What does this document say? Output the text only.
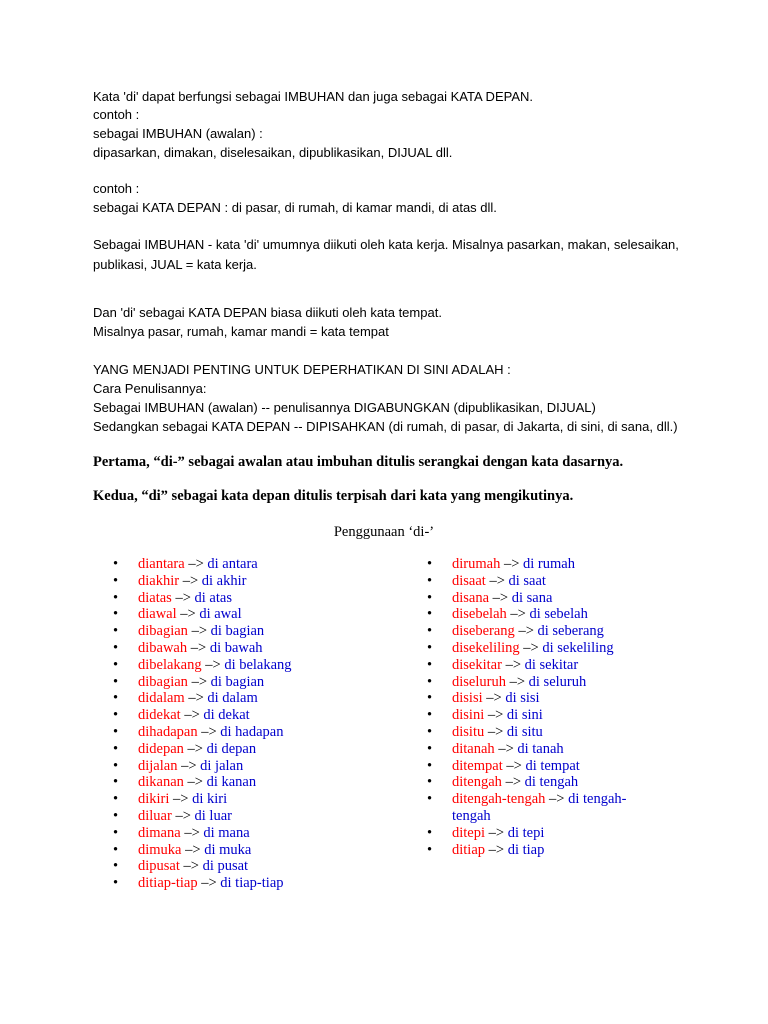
Kata 'di' dapat berfungsi sebagai IMBUHAN dan juga sebagai KATA DEPAN.
contoh :
sebagai IMBUHAN (awalan) :
dipasarkan, dimakan, diselesaikan, dipublikasikan, DIJUAL dll.
contoh :
sebagai KATA DEPAN : di pasar, di rumah, di kamar mandi, di atas dll.
Sebagai IMBUHAN - kata 'di' umumnya diikuti oleh kata kerja. Misalnya pasarkan, makan, selesaikan,
publikasi, JUAL = kata kerja.
Dan 'di' sebagai KATA DEPAN biasa diikuti oleh kata tempat.
Misalnya pasar, rumah, kamar mandi = kata tempat
YANG MENJADI PENTING UNTUK DEPERHATIKAN DI SINI ADALAH :
Cara Penulisannya:
Sebagai IMBUHAN (awalan) -- penulisannya DIGABUNGKAN (dipublikasikan, DIJUAL)
Sedangkan sebagai KATA DEPAN -- DIPISAHKAN (di rumah, di pasar, di Jakarta, di sini, di sana, dll.)
Pertama, “di-” sebagai awalan atau imbuhan ditulis serangkai dengan kata dasarnya.
Kedua, “di” sebagai kata depan ditulis terpisah dari kata yang mengikutinya.
Penggunaan ‘di-’
• diantara –> di antara
• diakhir –> di akhir
• diatas –> di atas
• diawal –> di awal
• dibagian –> di bagian
• dibawah –> di bawah
• dibelakang –> di belakang
• dibagian –> di bagian
• didalam –> di dalam
• didekat –> di dekat
• dihadapan –> di hadapan
• didepan –> di depan
• dijalan –> di jalan
• dikanan –> di kanan
• dikiri –> di kiri
• diluar –> di luar
• dimana –> di mana
• dimuka –> di muka
• dipusat –> di pusat
• ditiap-tiap –> di tiap-tiap
• dirumah –> di rumah
• disaat –> di saat
• disana –> di sana
• disebelah –> di sebelah
• diseberang –> di seberang
• disekeliling –> di sekeliling
• disekitar –> di sekitar
• diseluruh –> di seluruh
• disisi –> di sisi
• disini –> di sini
• disitu –> di situ
• ditanah –> di tanah
• ditempat –> di tempat
• ditengah –> di tengah
• ditengah-tengah –> di tengah-tengah
• ditepi –> di tepi
• ditiap –> di tiap
